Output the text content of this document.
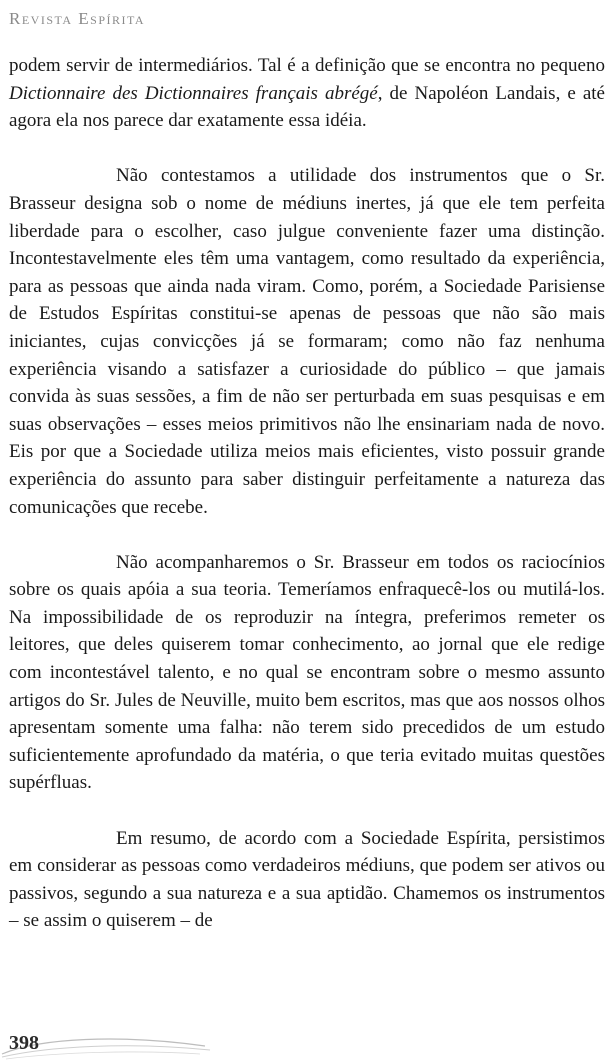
Revista Espírita

podem servir de intermediários. Tal é a definição que se encontra no pequeno Dictionnaire des Dictionnaires français abrégé, de Napoléon Landais, e até agora ela nos parece dar exatamente essa idéia.

Não contestamos a utilidade dos instrumentos que o Sr. Brasseur designa sob o nome de médiuns inertes, já que ele tem perfeita liberdade para o escolher, caso julgue conveniente fazer uma distinção. Incontestavelmente eles têm uma vantagem, como resultado da experiência, para as pessoas que ainda nada viram. Como, porém, a Sociedade Parisiense de Estudos Espíritas constitui-se apenas de pessoas que não são mais iniciantes, cujas convicções já se formaram; como não faz nenhuma experiência visando a satisfazer a curiosidade do público – que jamais convida às suas sessões, a fim de não ser perturbada em suas pesquisas e em suas observações – esses meios primitivos não lhe ensinariam nada de novo. Eis por que a Sociedade utiliza meios mais eficientes, visto possuir grande experiência do assunto para saber distinguir perfeitamente a natureza das comunicações que recebe.

Não acompanharemos o Sr. Brasseur em todos os raciocínios sobre os quais apóia a sua teoria. Temeríamos enfraquecê-los ou mutilá-los. Na impossibilidade de os reproduzir na íntegra, preferimos remeter os leitores, que deles quiserem tomar conhecimento, ao jornal que ele redige com incontestável talento, e no qual se encontram sobre o mesmo assunto artigos do Sr. Jules de Neuville, muito bem escritos, mas que aos nossos olhos apresentam somente uma falha: não terem sido precedidos de um estudo suficientemente aprofundado da matéria, o que teria evitado muitas questões supérfluas.

Em resumo, de acordo com a Sociedade Espírita, persistimos em considerar as pessoas como verdadeiros médiuns, que podem ser ativos ou passivos, segundo a sua natureza e a sua aptidão. Chamemos os instrumentos – se assim o quiserem – de

398
